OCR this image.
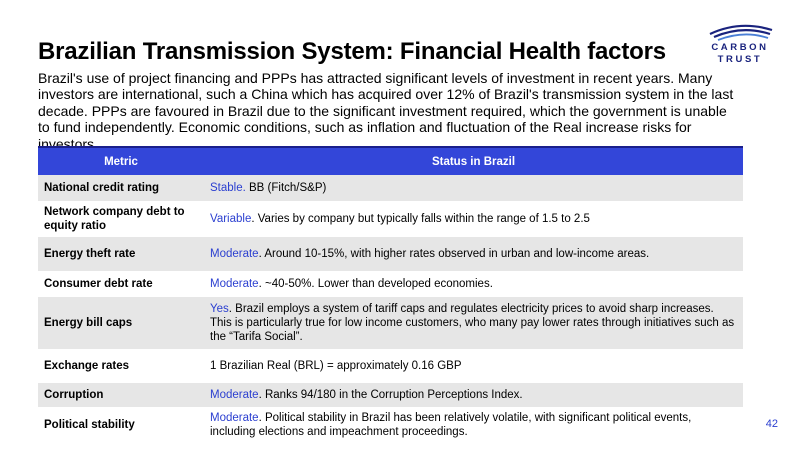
Brazilian Transmission System: Financial Health factors	CARBON
TRUST
Brazil's use of project financing and PPPs has attracted significant levels of investment in recent years. Many investors are international, such a China which has acquired over 12% of Brazil's transmission system in the last decade. PPPs are favoured in Brazil due to the significant investment required, which the government is unable to fund independently. Economic conditions, such as inflation and fluctuation of the Real increase risks for investors.
Metric	Status in Brazil
National credit rating	Stable. BB (Fitch/S&P)
Network company debt to equity ratio	Variable. Varies by company but typically falls within the range of 1.5 to 2.5
Energy theft rate	Moderate. Around 10-15%, with higher rates observed in urban and low-income areas.
Consumer debt rate	Moderate. ~40-50%. Lower than developed economies.
Energy bill caps	Yes. Brazil employs a system of tariff caps and regulates electricity prices to avoid sharp increases. This is particularly true for low income customers, who many pay lower rates through initiatives such as the “Tarifa Social”.
Exchange rates	1 Brazilian Real (BRL) = approximately 0.16 GBP
Corruption	Moderate. Ranks 94/180 in the Corruption Perceptions Index.
Political stability	Moderate. Political stability in Brazil has been relatively volatile, with significant political events, including elections and impeachment proceedings.
42
